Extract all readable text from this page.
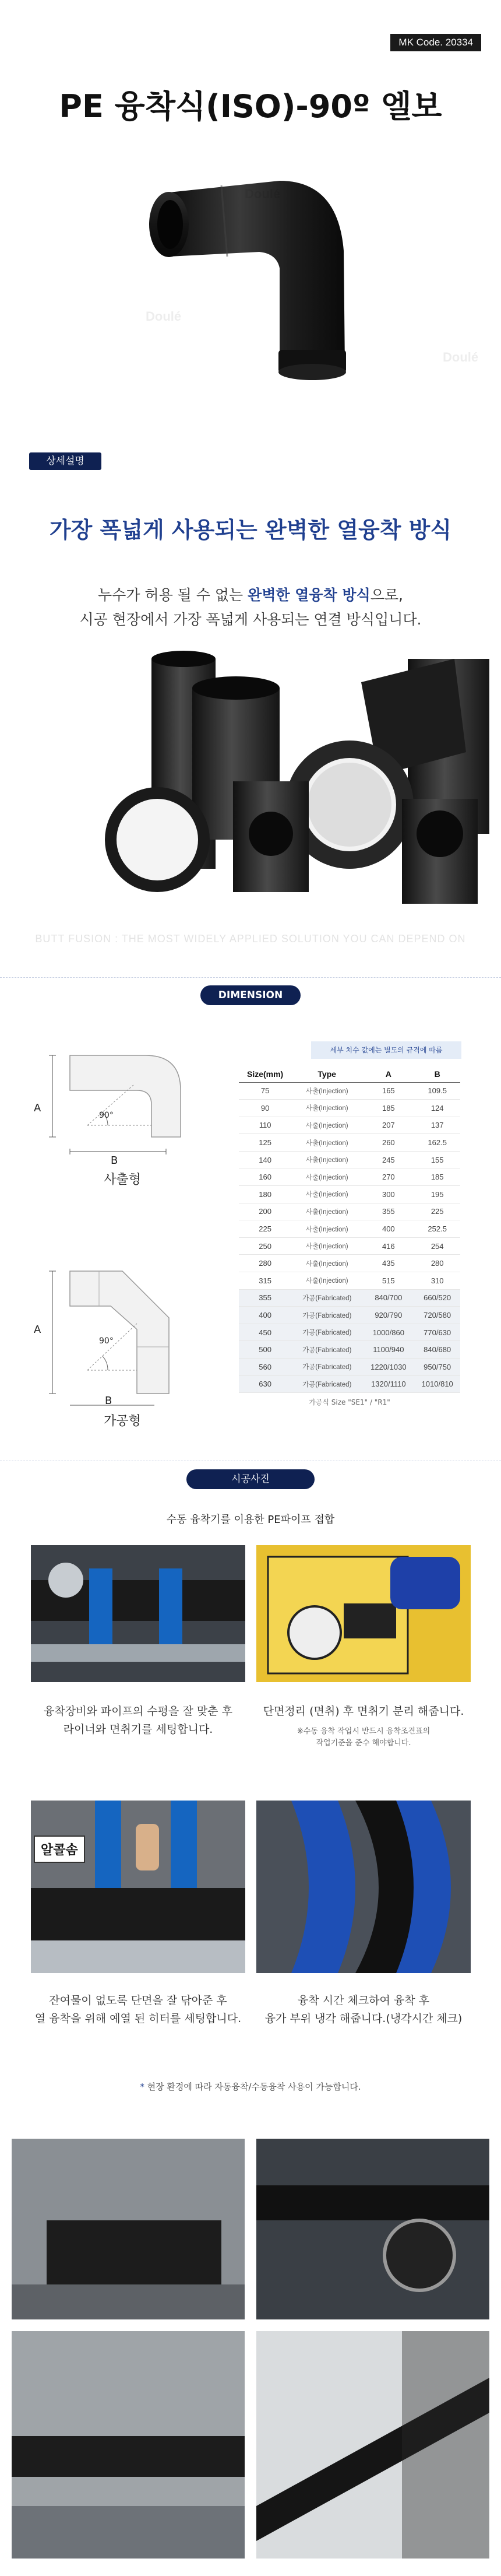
MK Code. 20334
PE 융착식(ISO)-90º 엘보
Doulé
Doulé
Doulé
상세설명
가장 폭넓게 사용되는 완벽한 열융착 방식
누수가 허용 될 수 없는 완벽한 열융착 방식으로,
시공 현장에서 가장 폭넓게 사용되는 연결 방식입니다.
BUTT FUSION : THE MOST WIDELY APPLIED SOLUTION YOU CAN DEPEND ON
DIMENSION
A
B
90°
사출형
A
B
90°
가공형
세부 치수 값에는 별도의 규격에 따름
Size(mm)	Type	A	B
75	사출(Injection)	165	109.5
90	사출(Injection)	185	124
110	사출(Injection)	207	137
125	사출(Injection)	260	162.5
140	사출(Injection)	245	155
160	사출(Injection)	270	185
180	사출(Injection)	300	195
200	사출(Injection)	355	225
225	사출(Injection)	400	252.5
250	사출(Injection)	416	254
280	사출(Injection)	435	280
315	사출(Injection)	515	310
355	가공(Fabricated)	840/700	660/520
400	가공(Fabricated)	920/790	720/580
450	가공(Fabricated)	1000/860	770/630
500	가공(Fabricated)	1100/940	840/680
560	가공(Fabricated)	1220/1030	950/750
630	가공(Fabricated)	1320/1110	1010/810
가공식 Size "SE1" / "R1"
시공사진
수동 융착기를 이용한 PE파이프 접합
융착장비와 파이프의 수평을 잘 맞춘 후
라이너와 면취기를 세팅합니다.
단면정리 (면취) 후 면취기 분리 해줍니다.
※수동 융착 작업시 반드시 융착조견표의
작업기준을 준수 해야합니다.
알콜솜
잔여물이 없도록 단면을 잘 닦아준 후
열 융착을 위해 예열 된 히터를 세팅합니다.
융착 시간 체크하여 융착 후
융가 부위 냉각 해줍니다.(냉각시간 체크)
* 현장 환경에 따라 자동융착/수동융착 사용이 가능합니다.
